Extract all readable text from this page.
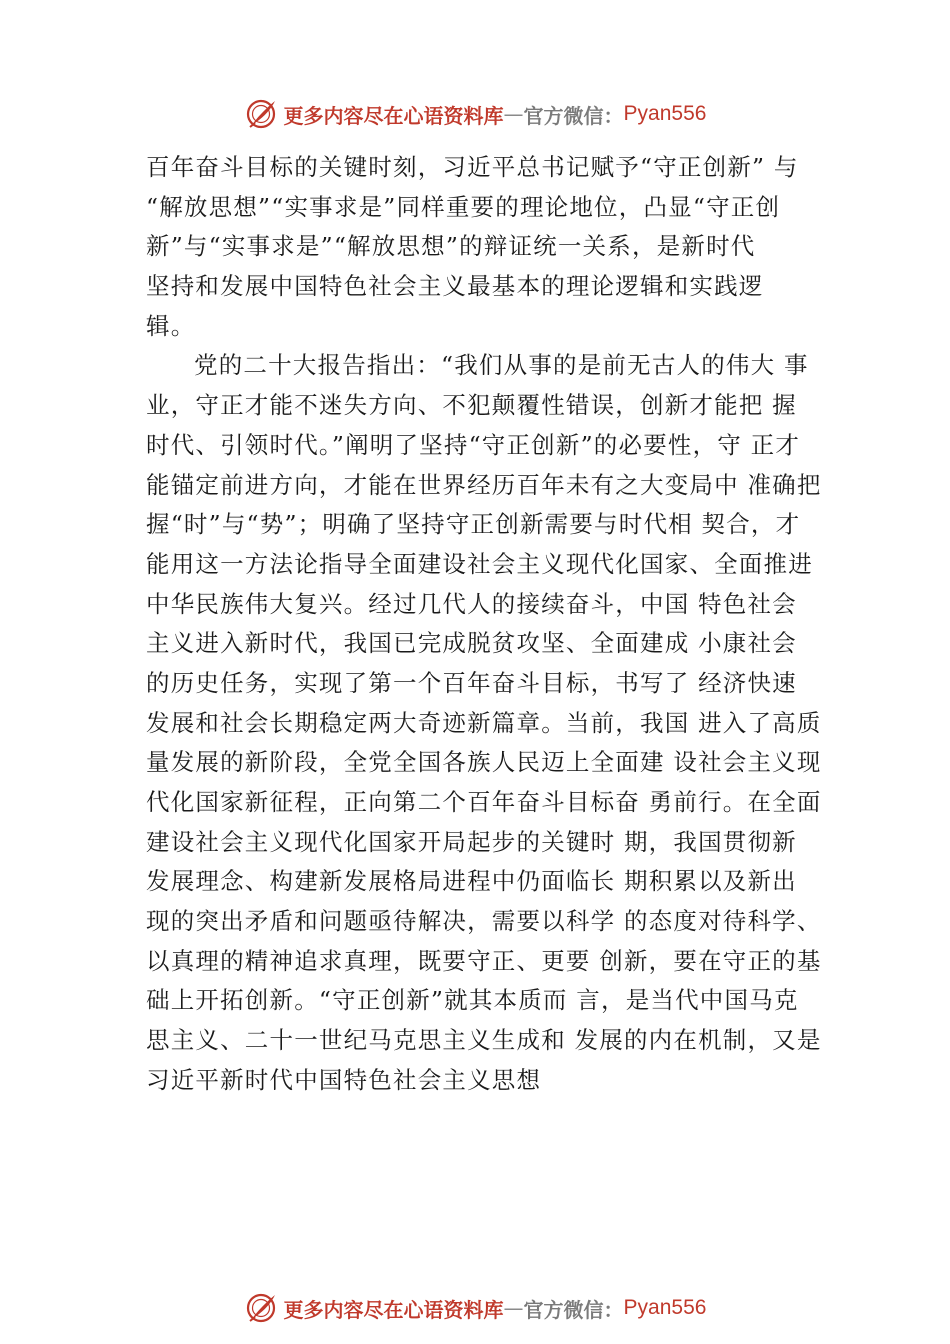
更多内容尽在心语资料库 — 官方微信： Pyan556
百年奋斗目标的关键时刻，习近平总书记赋予“守正创新” 与
“解放思想”“实事求是”同样重要的理论地位，凸显“守正创
新”与“实事求是”“解放思想”的辩证统一关系，是新时代
坚持和发展中国特色社会主义最基本的理论逻辑和实践逻
辑。
党的二十大报告指出：“我们从事的是前无古人的伟大 事
业，守正才能不迷失方向、不犯颠覆性错误，创新才能把 握
时代、引领时代。”阐明了坚持“守正创新”的必要性，守 正才
能锚定前进方向，才能在世界经历百年未有之大变局中 准确把
握“时”与“势”；明确了坚持守正创新需要与时代相 契合，才
能用这一方法论指导全面建设社会主义现代化国家、全面推进
中华民族伟大复兴。经过几代人的接续奋斗，中国 特色社会
主义进入新时代，我国已完成脱贫攻坚、全面建成 小康社会
的历史任务，实现了第一个百年奋斗目标，书写了 经济快速
发展和社会长期稳定两大奇迹新篇章。当前，我国 进入了高质
量发展的新阶段，全党全国各族人民迈上全面建 设社会主义现
代化国家新征程，正向第二个百年奋斗目标奋 勇前行。在全面
建设社会主义现代化国家开局起步的关键时 期，我国贯彻新
发展理念、构建新发展格局进程中仍面临长 期积累以及新出
现的突出矛盾和问题亟待解决，需要以科学 的态度对待科学、
以真理的精神追求真理，既要守正、更要 创新，要在守正的基
础上开拓创新。“守正创新”就其本质而 言，是当代中国马克
思主义、二十一世纪马克思主义生成和 发展的内在机制，又是
习近平新时代中国特色社会主义思想
更多内容尽在心语资料库 — 官方微信： Pyan556
